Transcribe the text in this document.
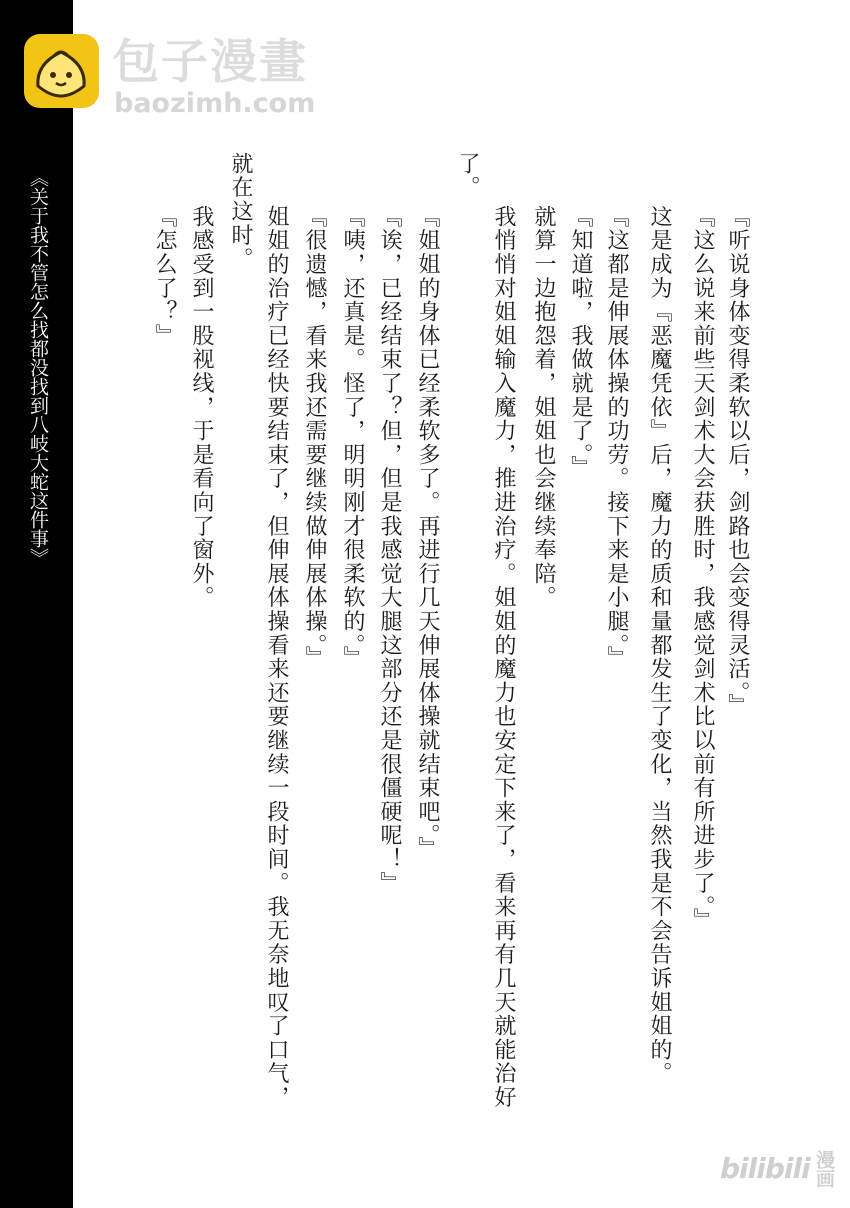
《关于我不管怎么找都没找到八岐大蛇这件事》
包子漫畫
baozimh.com
『听说身体变得柔软以后，剑路也会变得灵活。』
『这么说来前些天剑术大会获胜时，我感觉剑术比以前有所进步了。』
这是成为『恶魔凭依』后，魔力的质和量都发生了变化，当然我是不会告诉姐姐的。
『这都是伸展体操的功劳。接下来是小腿。』
『知道啦，我做就是了。』
就算一边抱怨着，姐姐也会继续奉陪。
我悄悄对姐姐输入魔力，推进治疗。姐姐的魔力也安定下来了，看来再有几天就能治好
了。
『姐姐的身体已经柔软多了。再进行几天伸展体操就结束吧。』
『诶，已经结束了？但，但是我感觉大腿这部分还是很僵硬呢！』
『咦，还真是。怪了，明明刚才很柔软的。』
『很遗憾，看来我还需要继续做伸展体操。』
姐姐的治疗已经快要结束了，但伸展体操看来还要继续一段时间。我无奈地叹了口气，
就在这时。
我感受到一股视线，于是看向了窗外。
『怎么了？』
bilibili 漫画
